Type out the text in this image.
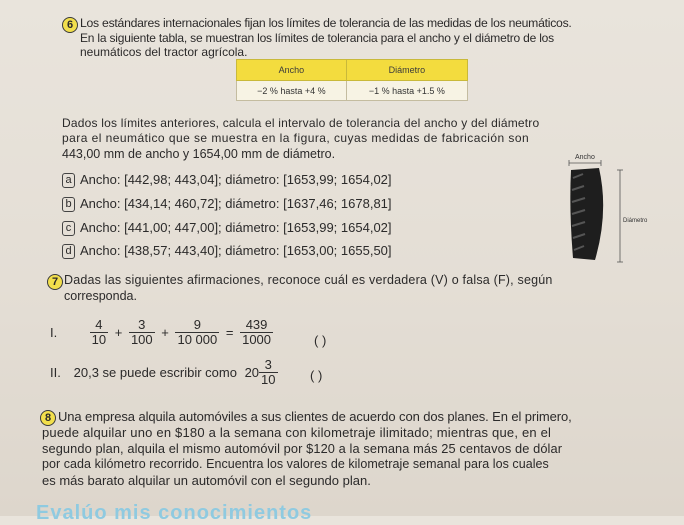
6 Los estándares internacionales fijan los límites de tolerancia de las medidas de los neumáticos.
En la siguiente tabla, se muestran los límites de tolerancia para el ancho y el diámetro de los
neumáticos del tractor agrícola.
Ancho	Diámetro
−2 % hasta +4 %	−1 % hasta +1.5 %
Dados los límites anteriores, calcula el intervalo de tolerancia del ancho y del diámetro
para el neumático que se muestra en la figura, cuyas medidas de fabricación son
443,00 mm de ancho y 1654,00 mm de diámetro.
a Ancho: [442,98; 443,04]; diámetro: [1653,99; 1654,02]
b Ancho: [434,14; 460,72]; diámetro: [1637,46; 1678,81]
c Ancho: [441,00; 447,00]; diámetro: [1653,99; 1654,02]
d Ancho: [438,57; 443,40]; diámetro: [1653,00; 1655,50]
Ancho
Diámetro
7 Dadas las siguientes afirmaciones, reconoce cuál es verdadera (V) o falsa (F), según
corresponda.
I. $\frac{4}{10} + \frac{3}{100} + \frac{9}{10 000} = \frac{439}{1000}$	( )
II. 20,3 se puede escribir como $20 \frac{3}{10}$	( )
8 Una empresa alquila automóviles a sus clientes de acuerdo con dos planes. En el primero,
puede alquilar uno en $180 a la semana con kilometraje ilimitado; mientras que, en el
segundo plan, alquila el mismo automóvil por $120 a la semana más 25 centavos de dólar
por cada kilómetro recorrido. Encuentra los valores de kilometraje semanal para los cuales
es más barato alquilar un automóvil con el segundo plan.
Evalúo mis conocimientos
